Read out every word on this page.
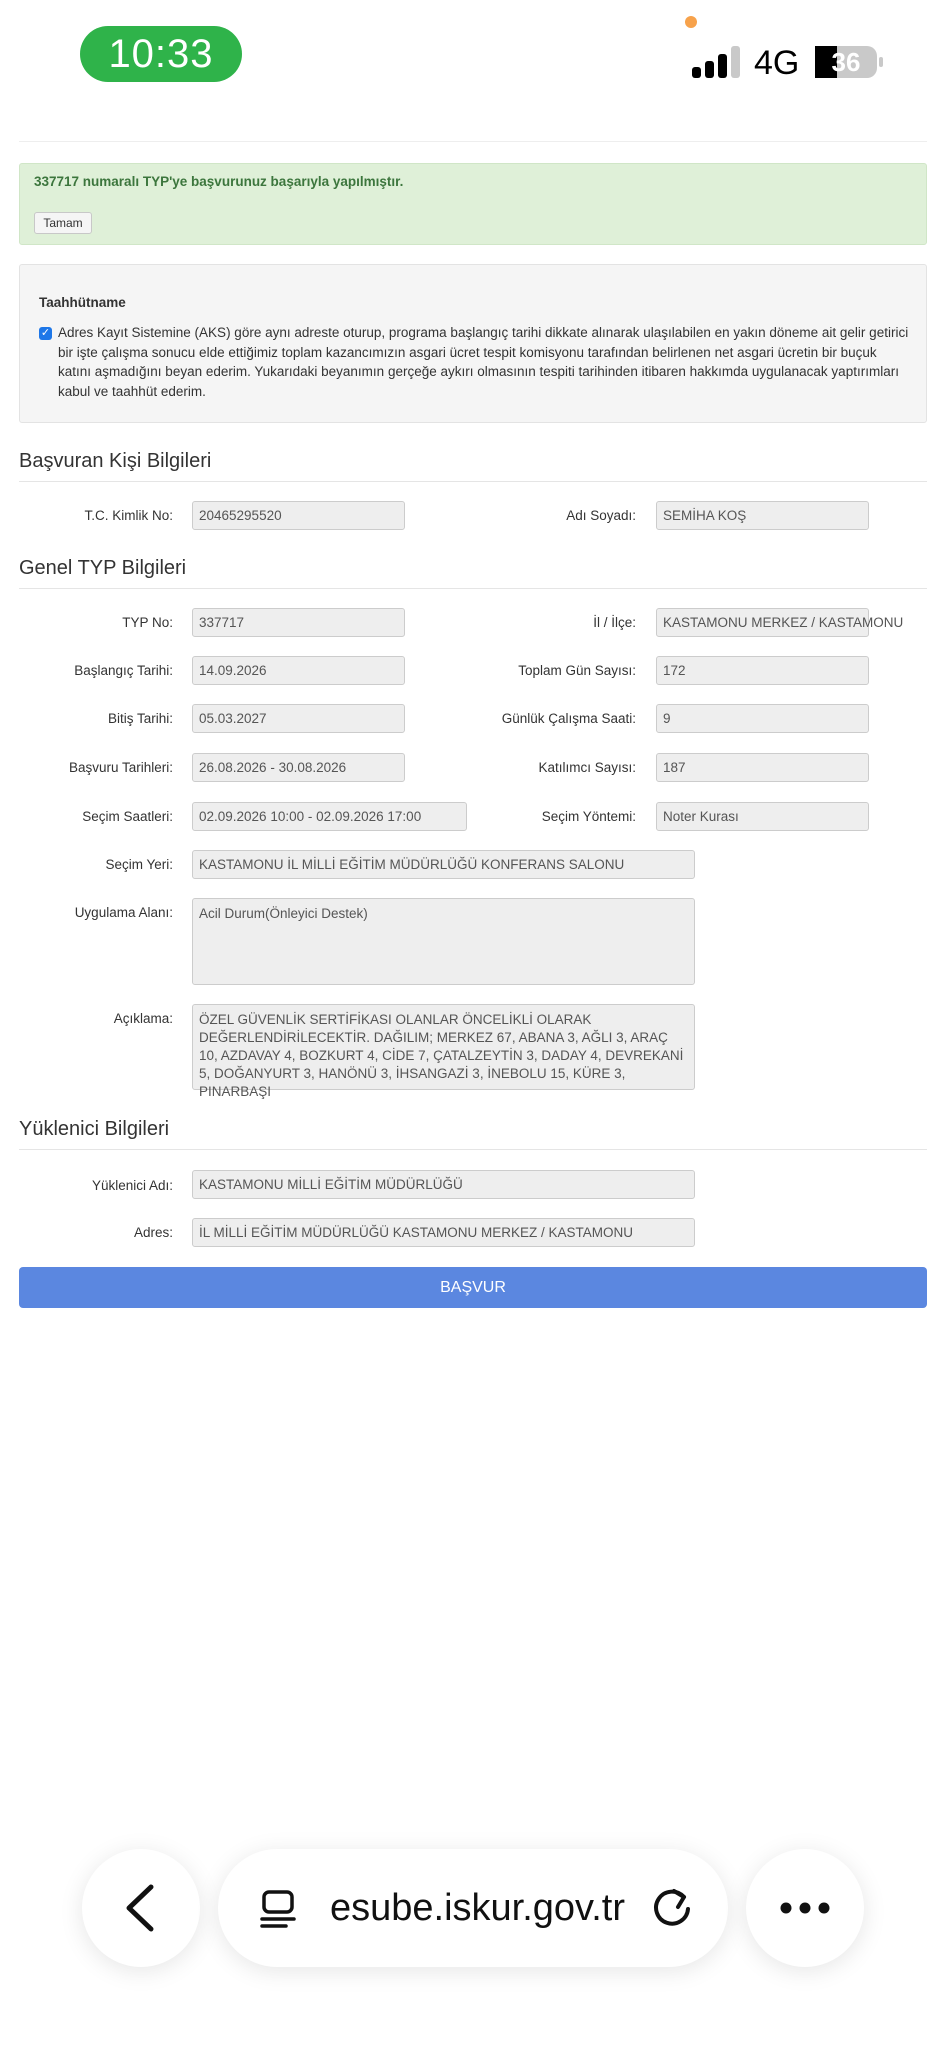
10:33	4G	36
337717 numaralı TYP'ye başvurunuz başarıyla yapılmıştır.
Tamam
Taahhütname
✓ Adres Kayıt Sistemine (AKS) göre aynı adreste oturup, programa başlangıç tarihi dikkate alınarak ulaşılabilen en yakın döneme ait gelir getirici bir işte çalışma sonucu elde ettiğimiz toplam kazancımızın asgari ücret tespit komisyonu tarafından belirlenen net asgari ücretin bir buçuk katını aşmadığını beyan ederim. Yukarıdaki beyanımın gerçeğe aykırı olmasının tespiti tarihinden itibaren hakkımda uygulanacak yaptırımları kabul ve taahhüt ederim.
Başvuran Kişi Bilgileri
T.C. Kimlik No:	20465295520	Adı Soyadı:	SEMİHA KOŞ
Genel TYP Bilgileri
TYP No:	337717	İl / İlçe:	KASTAMONU MERKEZ / KASTAMONU
Başlangıç Tarihi:	14.09.2026	Toplam Gün Sayısı:	172
Bitiş Tarihi:	05.03.2027	Günlük Çalışma Saati:	9
Başvuru Tarihleri:	26.08.2026 - 30.08.2026	Katılımcı Sayısı:	187
Seçim Saatleri:	02.09.2026 10:00 - 02.09.2026 17:00	Seçim Yöntemi:	Noter Kurası
Seçim Yeri:	KASTAMONU İL MİLLİ EĞİTİM MÜDÜRLÜĞÜ KONFERANS SALONU
Uygulama Alanı:	Acil Durum(Önleyici Destek)
Açıklama:	ÖZEL GÜVENLİK SERTİFİKASI OLANLAR ÖNCELİKLİ OLARAK DEĞERLENDİRİLECEKTİR. DAĞILIM; MERKEZ 67, ABANA 3, AĞLI 3, ARAÇ 10, AZDAVAY 4, BOZKURT 4, CİDE 7, ÇATALZEYTİN 3, DADAY 4, DEVREKANİ 5, DOĞANYURT 3, HANÖNÜ 3, İHSANGAZİ 3, İNEBOLU 15, KÜRE 3, PINARBAŞI
Yüklenici Bilgileri
Yüklenici Adı:	KASTAMONU MİLLİ EĞİTİM MÜDÜRLÜĞÜ
Adres:	İL MİLLİ EĞİTİM MÜDÜRLÜĞÜ KASTAMONU MERKEZ / KASTAMONU
BAŞVUR
esube.iskur.gov.tr
